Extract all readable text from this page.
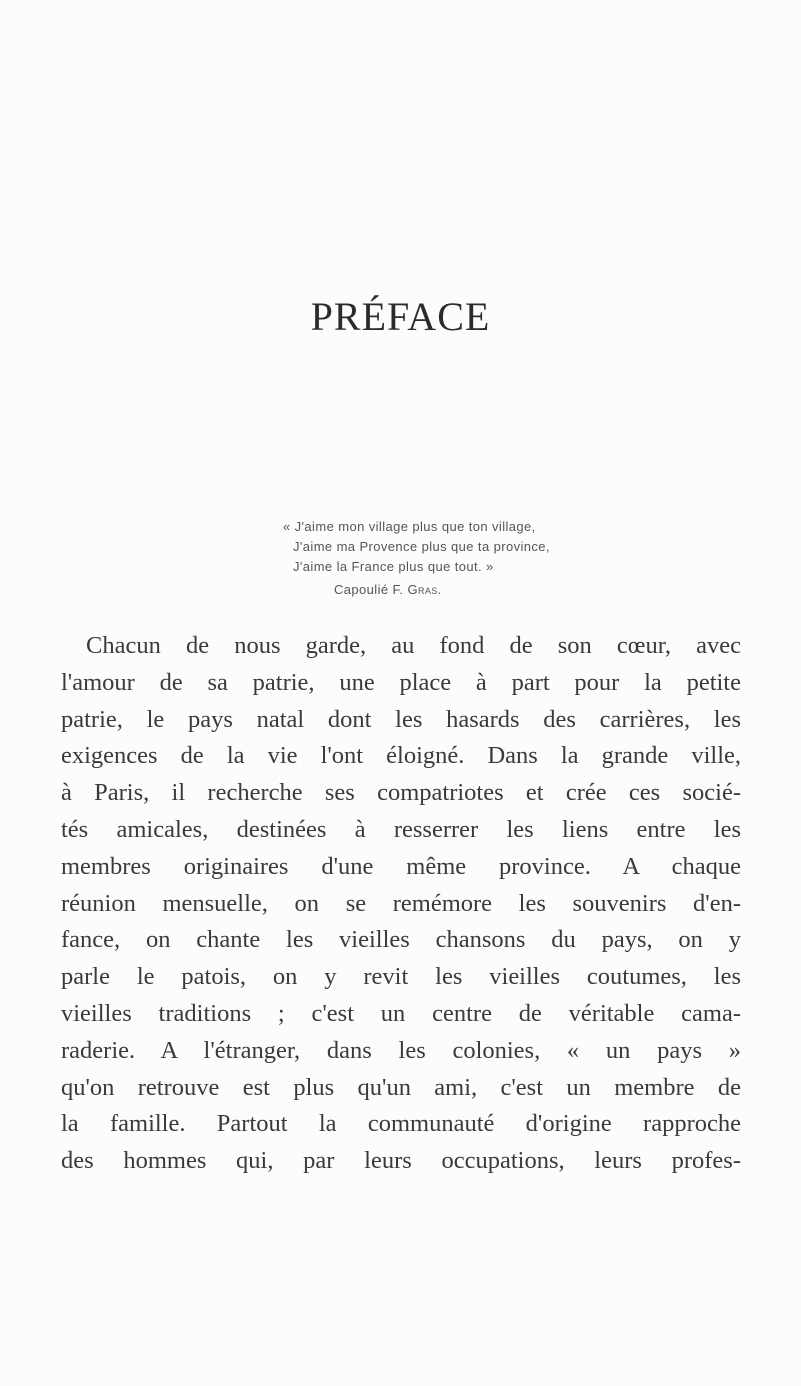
PRÉFACE
« J'aime mon village plus que ton village,
J'aime ma Provence plus que ta province,
J'aime la France plus que tout. »
Capoulié F. Gras.
Chacun de nous garde, au fond de son cœur, avec
l'amour de sa patrie, une place à part pour la petite
patrie, le pays natal dont les hasards des carrières, les
exigences de la vie l'ont éloigné. Dans la grande ville,
à Paris, il recherche ses compatriotes et crée ces socié-
tés amicales, destinées à resserrer les liens entre les
membres originaires d'une même province. A chaque
réunion mensuelle, on se remémore les souvenirs d'en-
fance, on chante les vieilles chansons du pays, on y
parle le patois, on y revit les vieilles coutumes, les
vieilles traditions ; c'est un centre de véritable cama-
raderie. A l'étranger, dans les colonies, « un pays »
qu'on retrouve est plus qu'un ami, c'est un membre de
la famille. Partout la communauté d'origine rapproche
des hommes qui, par leurs occupations, leurs profes-
